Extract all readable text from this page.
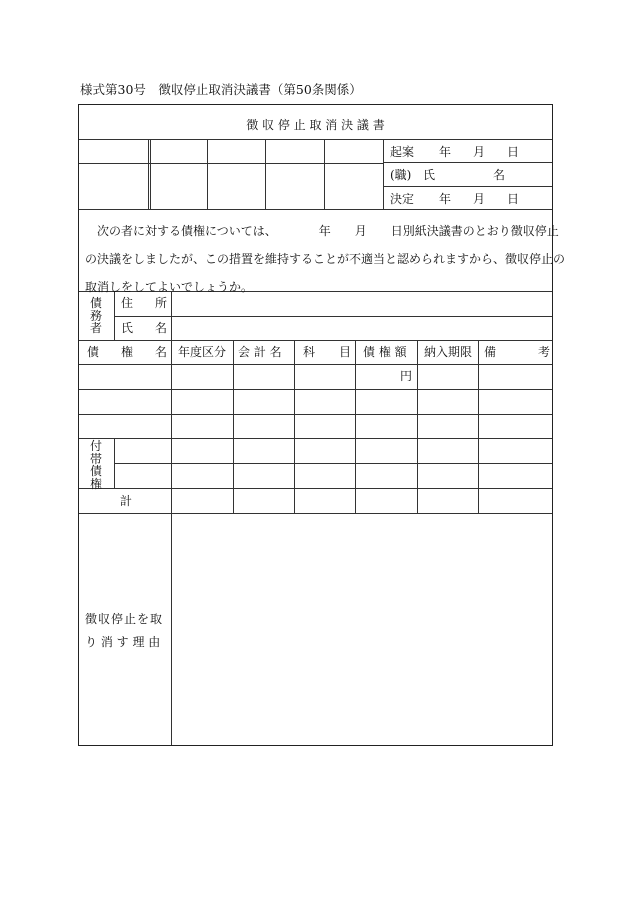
様式第30号　徴収停止取消決議書（第50条関係）
徴 収 停 止 取 消 決 議 書
起案 年 月 日
(職) 氏	名
決定 年 月 日
　次の者に対する債権については、　　　　年　　月　　日別紙決議書のとおり徴収停止
の決議をしましたが、この措置を維持することが不適当と認められますから、徴収停止の
取消しをしてよいでしょうか。
債
務
者
住 所
氏 名
債 権 名 年度区分 会 計 名 科 目 債 権 額 納入期限 備	考
円
付
帯
債
権
計
徴収停止を取
り 消 す 理 由
